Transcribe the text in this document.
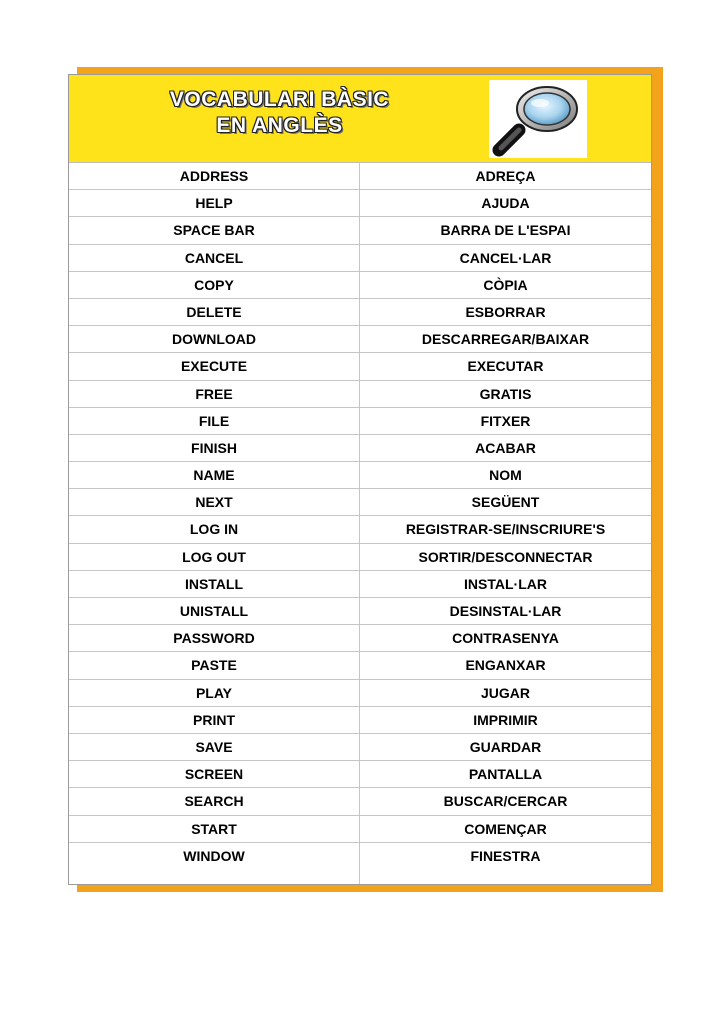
VOCABULARI BÀSIC
EN ANGLÈS
ADDRESS	ADREÇA
HELP	AJUDA
SPACE BAR	BARRA DE L'ESPAI
CANCEL	CANCEL·LAR
COPY	CÒPIA
DELETE	ESBORRAR
DOWNLOAD	DESCARREGAR/BAIXAR
EXECUTE	EXECUTAR
FREE	GRATIS
FILE	FITXER
FINISH	ACABAR
NAME	NOM
NEXT	SEGÜENT
LOG IN	REGISTRAR-SE/INSCRIURE'S
LOG OUT	SORTIR/DESCONNECTAR
INSTALL	INSTAL·LAR
UNISTALL	DESINSTAL·LAR
PASSWORD	CONTRASENYA
PASTE	ENGANXAR
PLAY	JUGAR
PRINT	IMPRIMIR
SAVE	GUARDAR
SCREEN	PANTALLA
SEARCH	BUSCAR/CERCAR
START	COMENÇAR
WINDOW	FINESTRA
